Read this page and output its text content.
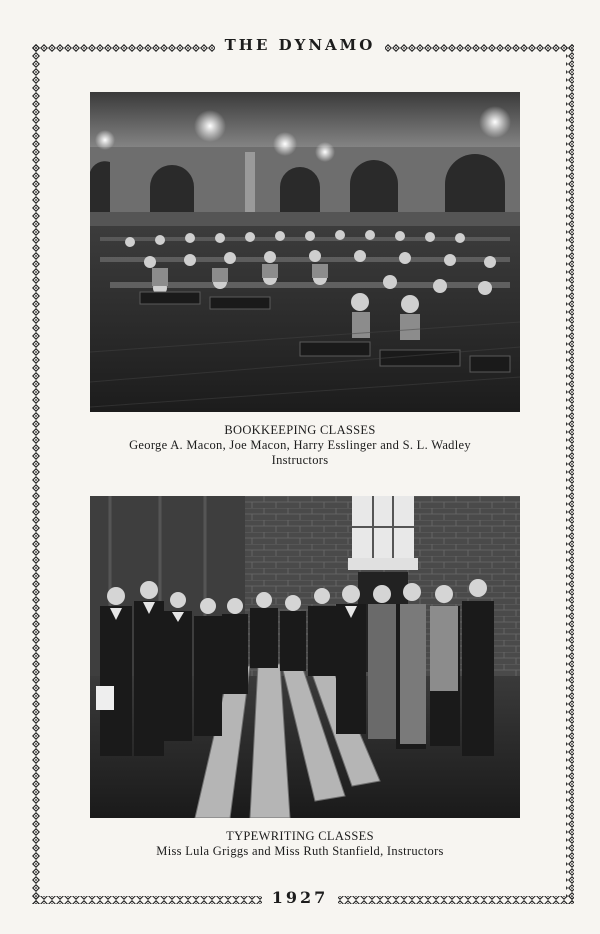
THE DYNAMO
BOOKKEEPING CLASSES
George A. Macon, Joe Macon, Harry Esslinger and S. L. Wadley
Instructors
TYPEWRITING CLASSES
Miss Lula Griggs and Miss Ruth Stanfield, Instructors
1927
